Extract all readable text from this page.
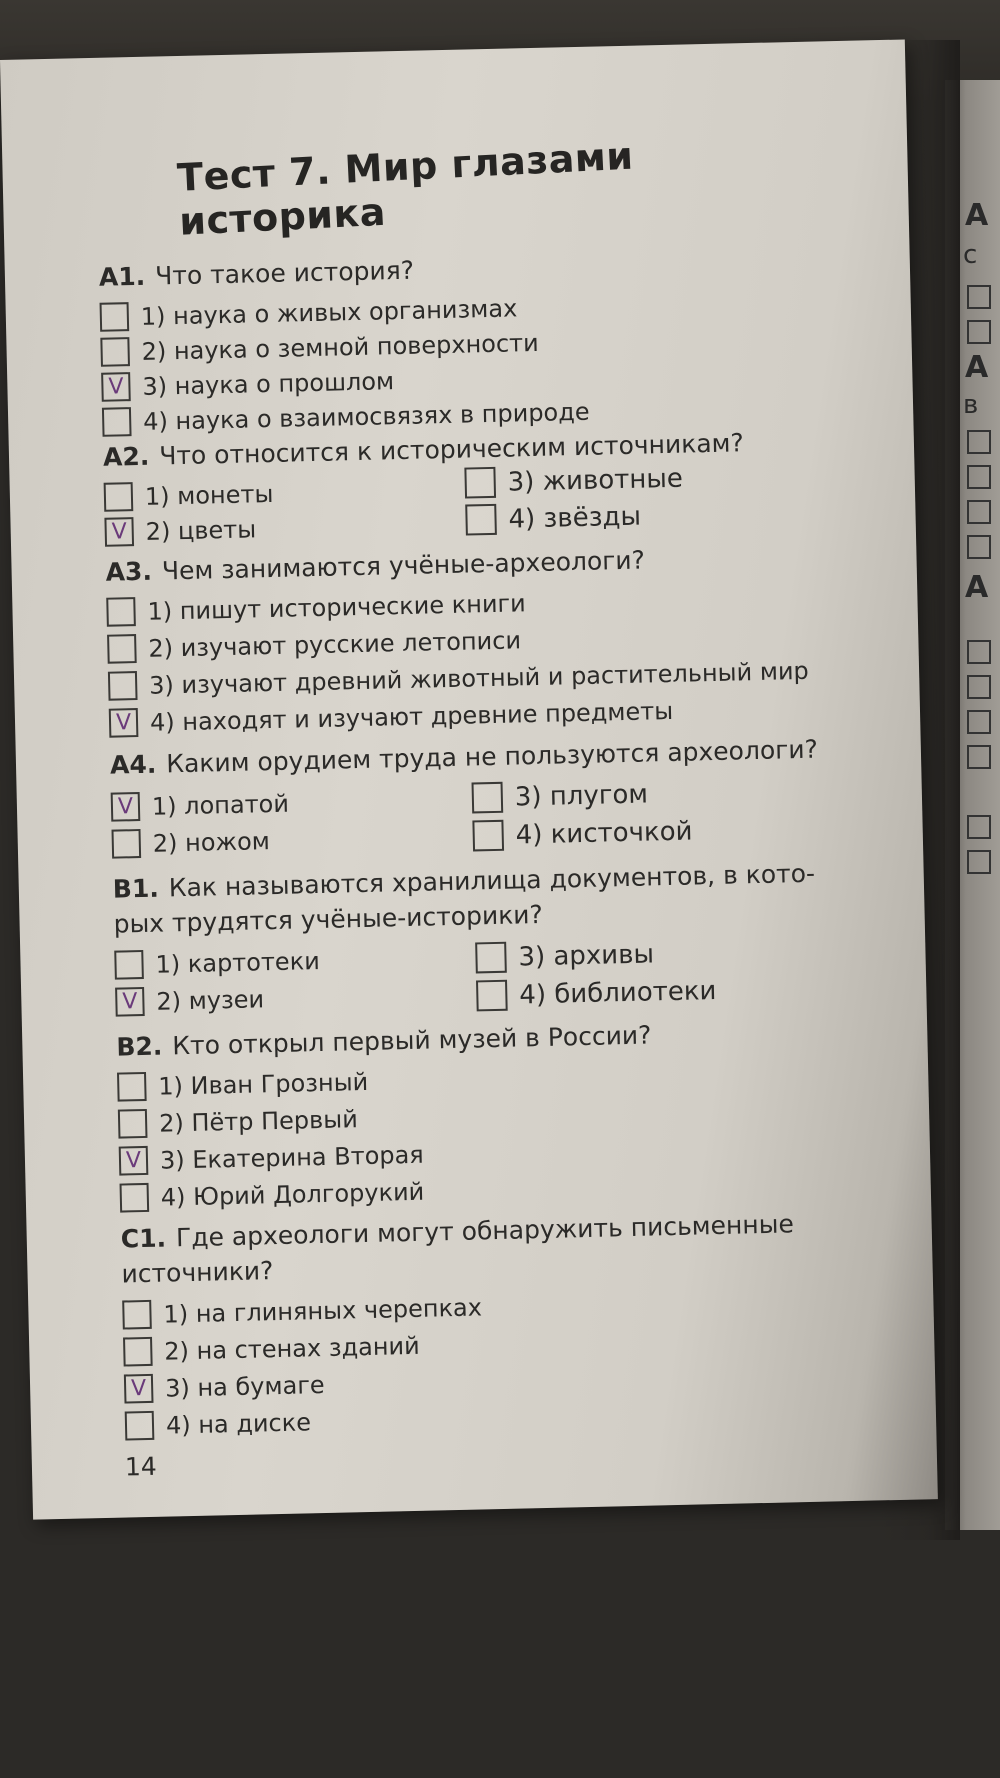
А
с
А
в
А
Тест 7. Мир глазами историка
А1. Что такое история?
1) наука о живых организмах
2) наука о земной поверхности
V 3) наука о прошлом
4) наука о взаимосвязях в природе
А2. Что относится к историческим источникам?
1) монеты
V 2) цветы
3) животные
4) звёзды
А3. Чем занимаются учёные-археологи?
1) пишут исторические книги
2) изучают русские летописи
3) изучают древний животный и растительный мир
V 4) находят и изучают древние предметы
А4. Каким орудием труда не пользуются археологи?
V 1) лопатой
2) ножом
3) плугом
4) кисточкой
В1. Как называются хранилища документов, в кото-
рых трудятся учёные-историки?
1) картотеки
V 2) музеи
3) архивы
4) библиотеки
В2. Кто открыл первый музей в России?
1) Иван Грозный
2) Пётр Первый
V 3) Екатерина Вторая
4) Юрий Долгорукий
С1. Где археологи могут обнаружить письменные
источники?
1) на глиняных черепках
2) на стенах зданий
V 3) на бумаге
4) на диске
14
